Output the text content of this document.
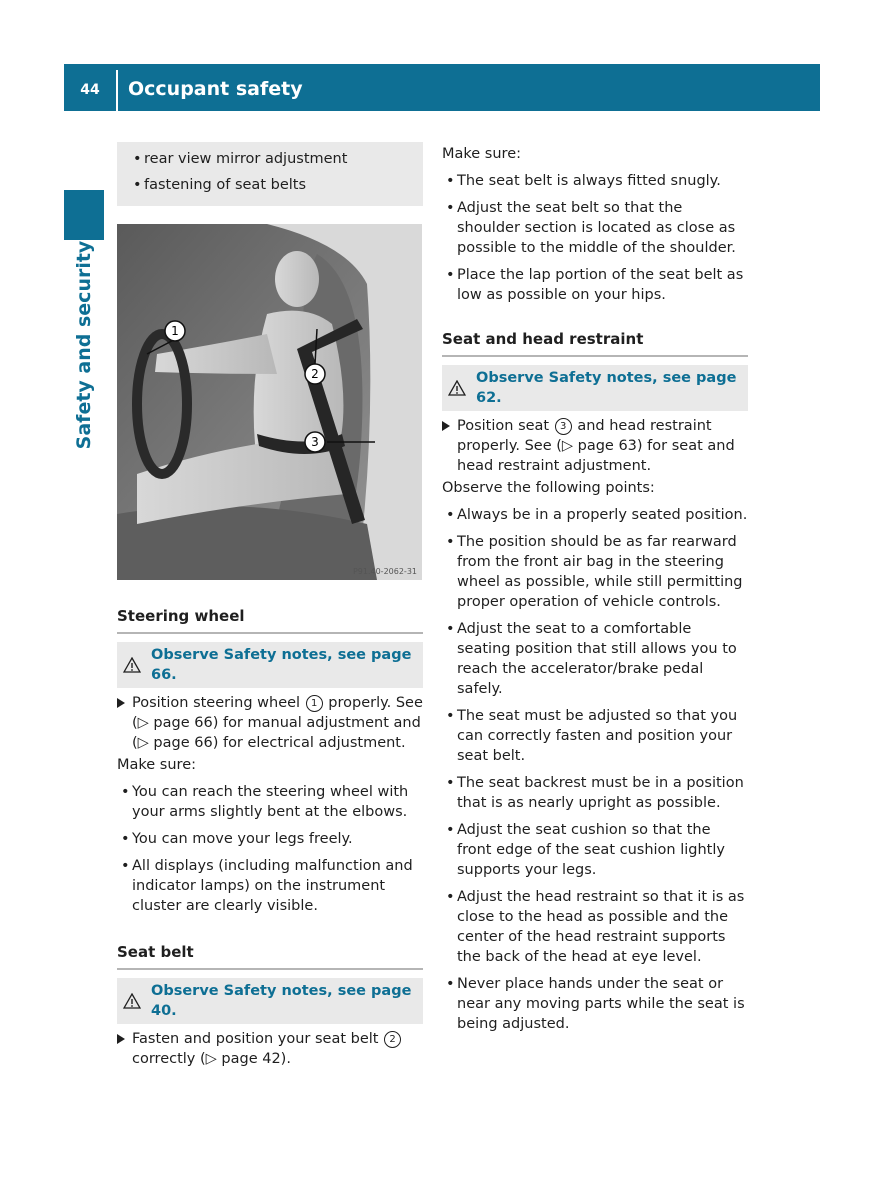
44	Occupant safety
Safety and security
• rear view mirror adjustment
• fastening of seat belts
1
2
3
P91.40-2062-31
Steering wheel
Observe Safety notes, see page 66.
Position steering wheel 1 properly. See (▷ page 66) for manual adjustment and (▷ page 66) for electrical adjustment.
Make sure:
• You can reach the steering wheel with your arms slightly bent at the elbows.
• You can move your legs freely.
• All displays (including malfunction and indicator lamps) on the instrument cluster are clearly visible.
Seat belt
Observe Safety notes, see page 40.
Fasten and position your seat belt 2 correctly (▷ page 42).
Make sure:
• The seat belt is always fitted snugly.
• Adjust the seat belt so that the shoulder section is located as close as possible to the middle of the shoulder.
• Place the lap portion of the seat belt as low as possible on your hips.
Seat and head restraint
Observe Safety notes, see page 62.
Position seat 3 and head restraint properly. See (▷ page 63) for seat and head restraint adjustment.
Observe the following points:
• Always be in a properly seated position.
• The position should be as far rearward from the front air bag in the steering wheel as possible, while still permitting proper operation of vehicle controls.
• Adjust the seat to a comfortable seating position that still allows you to reach the accelerator/brake pedal safely.
• The seat must be adjusted so that you can correctly fasten and position your seat belt.
• The seat backrest must be in a position that is as nearly upright as possible.
• Adjust the seat cushion so that the front edge of the seat cushion lightly supports your legs.
• Adjust the head restraint so that it is as close to the head as possible and the center of the head restraint supports the back of the head at eye level.
• Never place hands under the seat or near any moving parts while the seat is being adjusted.
